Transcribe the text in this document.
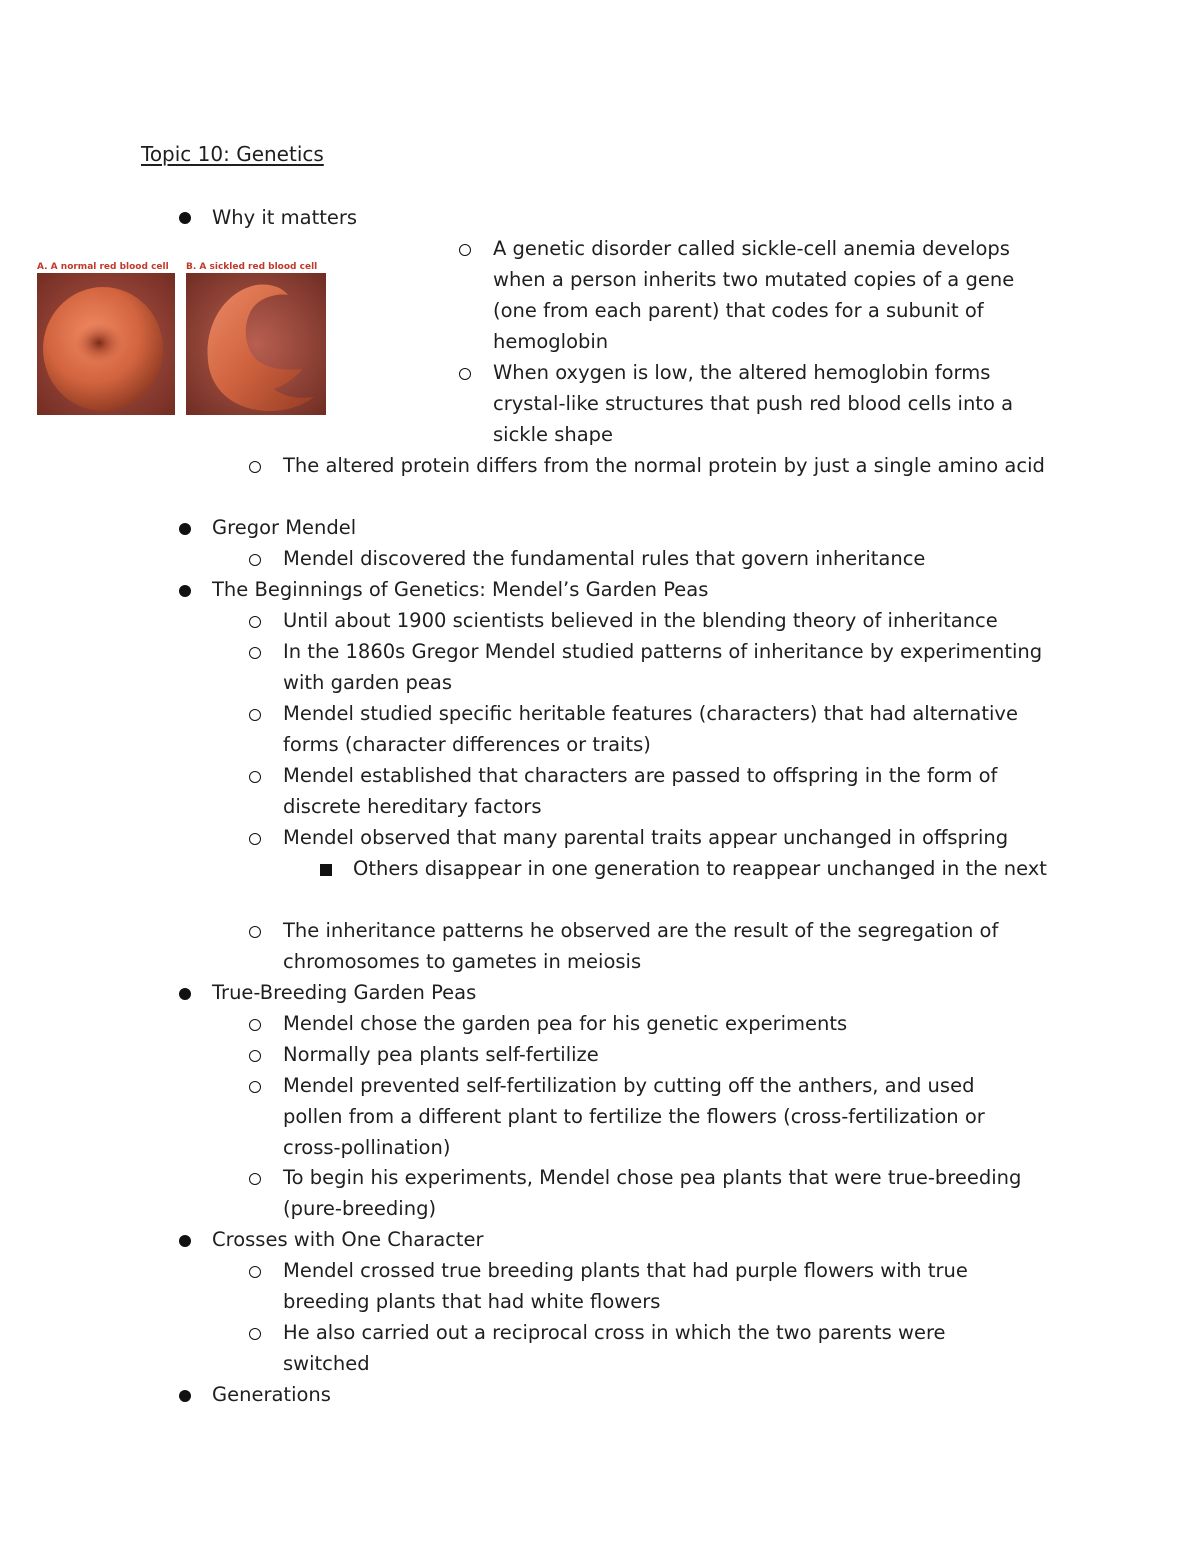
Topic 10: Genetics
A. A normal red blood cell B. A sickled red blood cell
Why it matters
A genetic disorder called sickle-cell anemia develops when a person inherits two mutated copies of a gene (one from each parent) that codes for a subunit of hemoglobin
When oxygen is low, the altered hemoglobin forms crystal-like structures that push red blood cells into a sickle shape
The altered protein differs from the normal protein by just a single amino acid
Gregor Mendel
Mendel discovered the fundamental rules that govern inheritance
The Beginnings of Genetics: Mendel’s Garden Peas
Until about 1900 scientists believed in the blending theory of inheritance
In the 1860s Gregor Mendel studied patterns of inheritance by experimenting with garden peas
Mendel studied specific heritable features (characters) that had alternative forms (character differences or traits)
Mendel established that characters are passed to offspring in the form of discrete hereditary factors
Mendel observed that many parental traits appear unchanged in offspring
Others disappear in one generation to reappear unchanged in the next
The inheritance patterns he observed are the result of the segregation of chromosomes to gametes in meiosis
True-Breeding Garden Peas
Mendel chose the garden pea for his genetic experiments
Normally pea plants self-fertilize
Mendel prevented self-fertilization by cutting off the anthers, and used pollen from a different plant to fertilize the flowers (cross-fertilization or cross-pollination)
To begin his experiments, Mendel chose pea plants that were true-breeding (pure-breeding)
Crosses with One Character
Mendel crossed true breeding plants that had purple flowers with true breeding plants that had white flowers
He also carried out a reciprocal cross in which the two parents were switched
Generations
